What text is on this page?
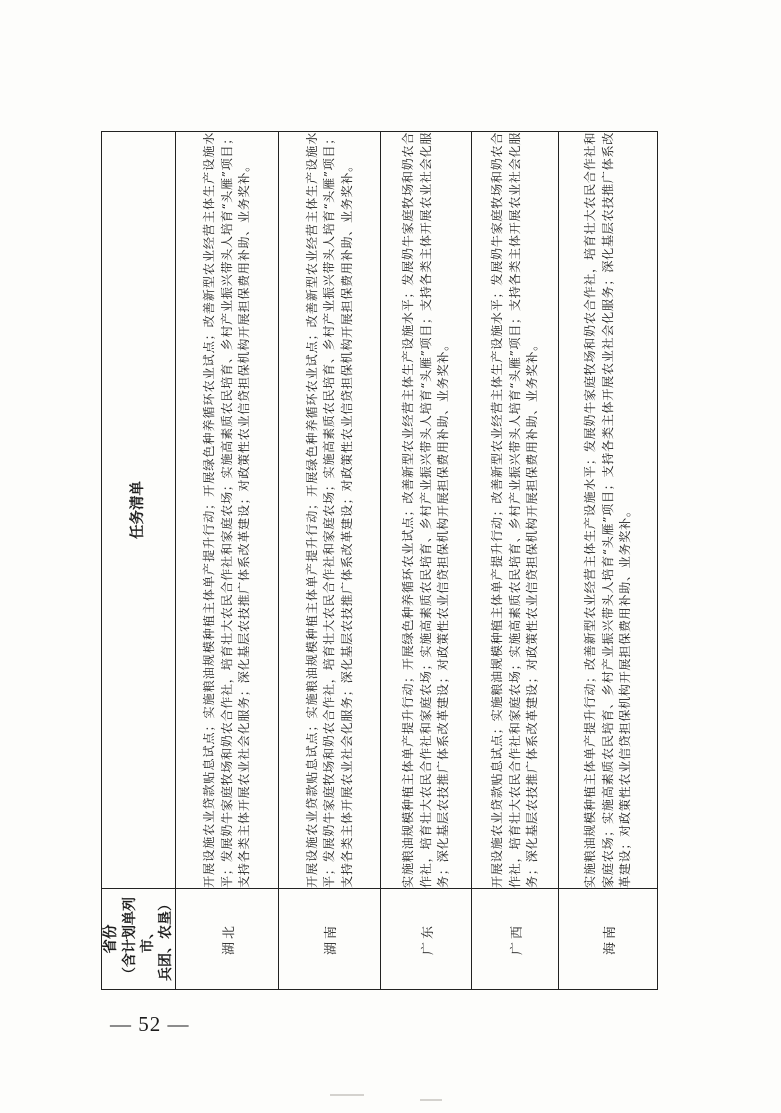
省份 （含计划单列市、 兵团、农垦）	任务清单
湖北	开展设施农业贷款贴息试点；实施粮油规模种植主体单产提升行动；开展绿色种养循环农业试点；改善新型农业经营主体生产设施水平；发展奶牛家庭牧场和奶农合作社，培育壮大农民合作社和家庭农场；实施高素质农民培育、乡村产业振兴带头人培育“头雁”项目；支持各类主体开展农业社会化服务；深化基层农技推广体系改革建设；对政策性农业信贷担保机构开展担保费用补助、业务奖补。
湖南	开展设施农业贷款贴息试点；实施粮油规模种植主体单产提升行动；开展绿色种养循环农业试点；改善新型农业经营主体生产设施水平；发展奶牛家庭牧场和奶农合作社，培育壮大农民合作社和家庭农场；实施高素质农民培育、乡村产业振兴带头人培育“头雁”项目；支持各类主体开展农业社会化服务；深化基层农技推广体系改革建设；对政策性农业信贷担保机构开展担保费用补助、业务奖补。
广东	实施粮油规模种植主体单产提升行动；开展绿色种养循环农业试点；改善新型农业经营主体生产设施水平；发展奶牛家庭牧场和奶农合作社，培育壮大农民合作社和家庭农场；实施高素质农民培育、乡村产业振兴带头人培育“头雁”项目；支持各类主体开展农业社会化服务；深化基层农技推广体系改革建设；对政策性农业信贷担保机构开展担保费用补助、业务奖补。
广西	开展设施农业贷款贴息试点；实施粮油规模种植主体单产提升行动；改善新型农业经营主体生产设施水平；发展奶牛家庭牧场和奶农合作社，培育壮大农民合作社和家庭农场；实施高素质农民培育、乡村产业振兴带头人培育“头雁”项目；支持各类主体开展农业社会化服务；深化基层农技推广体系改革建设；对政策性农业信贷担保机构开展担保费用补助、业务奖补。
海南	实施粮油规模种植主体单产提升行动；改善新型农业经营主体生产设施水平；发展奶牛家庭牧场和奶农合作社，培育壮大农民合作社和家庭农场；实施高素质农民培育、乡村产业振兴带头人培育“头雁”项目；支持各类主体开展农业社会化服务；深化基层农技推广体系改革建设；对政策性农业信贷担保机构开展担保费用补助、业务奖补。
— 52 —
